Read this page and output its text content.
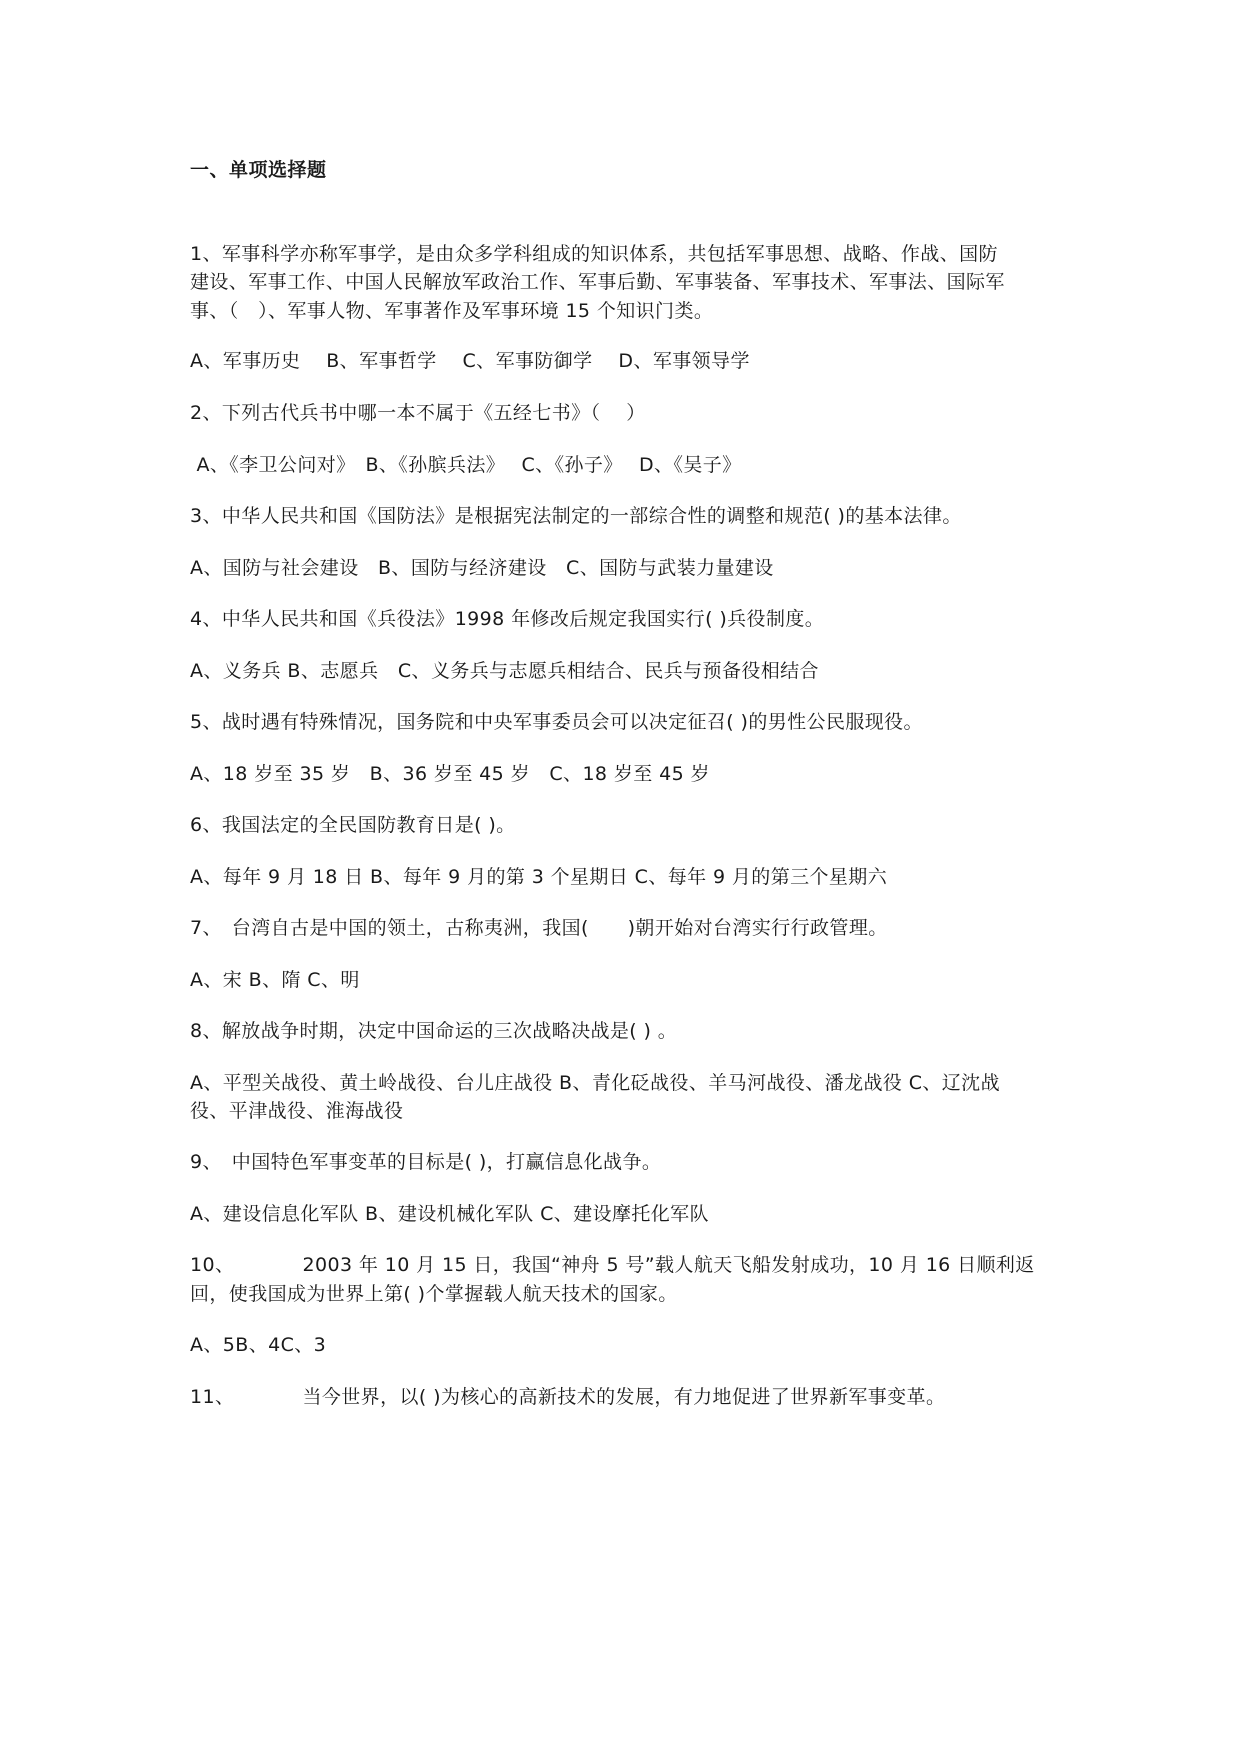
一、单项选择题
1、军事科学亦称军事学，是由众多学科组成的知识体系，共包括军事思想、战略、作战、国防
建设、军事工作、中国人民解放军政治工作、军事后勤、军事装备、军事技术、军事法、国际军
事、（　）、军事人物、军事著作及军事环境 15 个知识门类。
A、军事历史　 B、军事哲学　 C、军事防御学　 D、军事领导学
2、下列古代兵书中哪一本不属于《五经七书》（　 ）
A、《李卫公问对》　B、《孙膑兵法》　 C、《孙子》　 D、《吴子》
3、中华人民共和国《国防法》是根据宪法制定的一部综合性的调整和规范( )的基本法律。
A、国防与社会建设　B、国防与经济建设　C、国防与武装力量建设
4、中华人民共和国《兵役法》1998 年修改后规定我国实行( )兵役制度。
A、义务兵 B、志愿兵　C、义务兵与志愿兵相结合、民兵与预备役相结合
5、战时遇有特殊情况，国务院和中央军事委员会可以决定征召( )的男性公民服现役。
A、18 岁至 35 岁　B、36 岁至 45 岁　C、18 岁至 45 岁
6、我国法定的全民国防教育日是( )。
A、每年 9 月 18 日 B、每年 9 月的第 3 个星期日 C、每年 9 月的第三个星期六
7、　台湾自古是中国的领土，古称夷洲，我国(　　)朝开始对台湾实行行政管理。
A、宋 B、隋 C、明
8、解放战争时期，决定中国命运的三次战略决战是( ) 。
A、平型关战役、黄土岭战役、台儿庄战役 B、青化砭战役、羊马河战役、潘龙战役 C、辽沈战
役、平津战役、淮海战役
9、　中国特色军事变革的目标是( )，打赢信息化战争。
A、建设信息化军队 B、建设机械化军队 C、建设摩托化军队
10、　　　　2003 年 10 月 15 日，我国“神舟 5 号”载人航天飞船发射成功，10 月 16 日顺利返
回，使我国成为世界上第( )个掌握载人航天技术的国家。
A、5B、4C、3
11、　　　　当今世界，以( )为核心的高新技术的发展，有力地促进了世界新军事变革。
